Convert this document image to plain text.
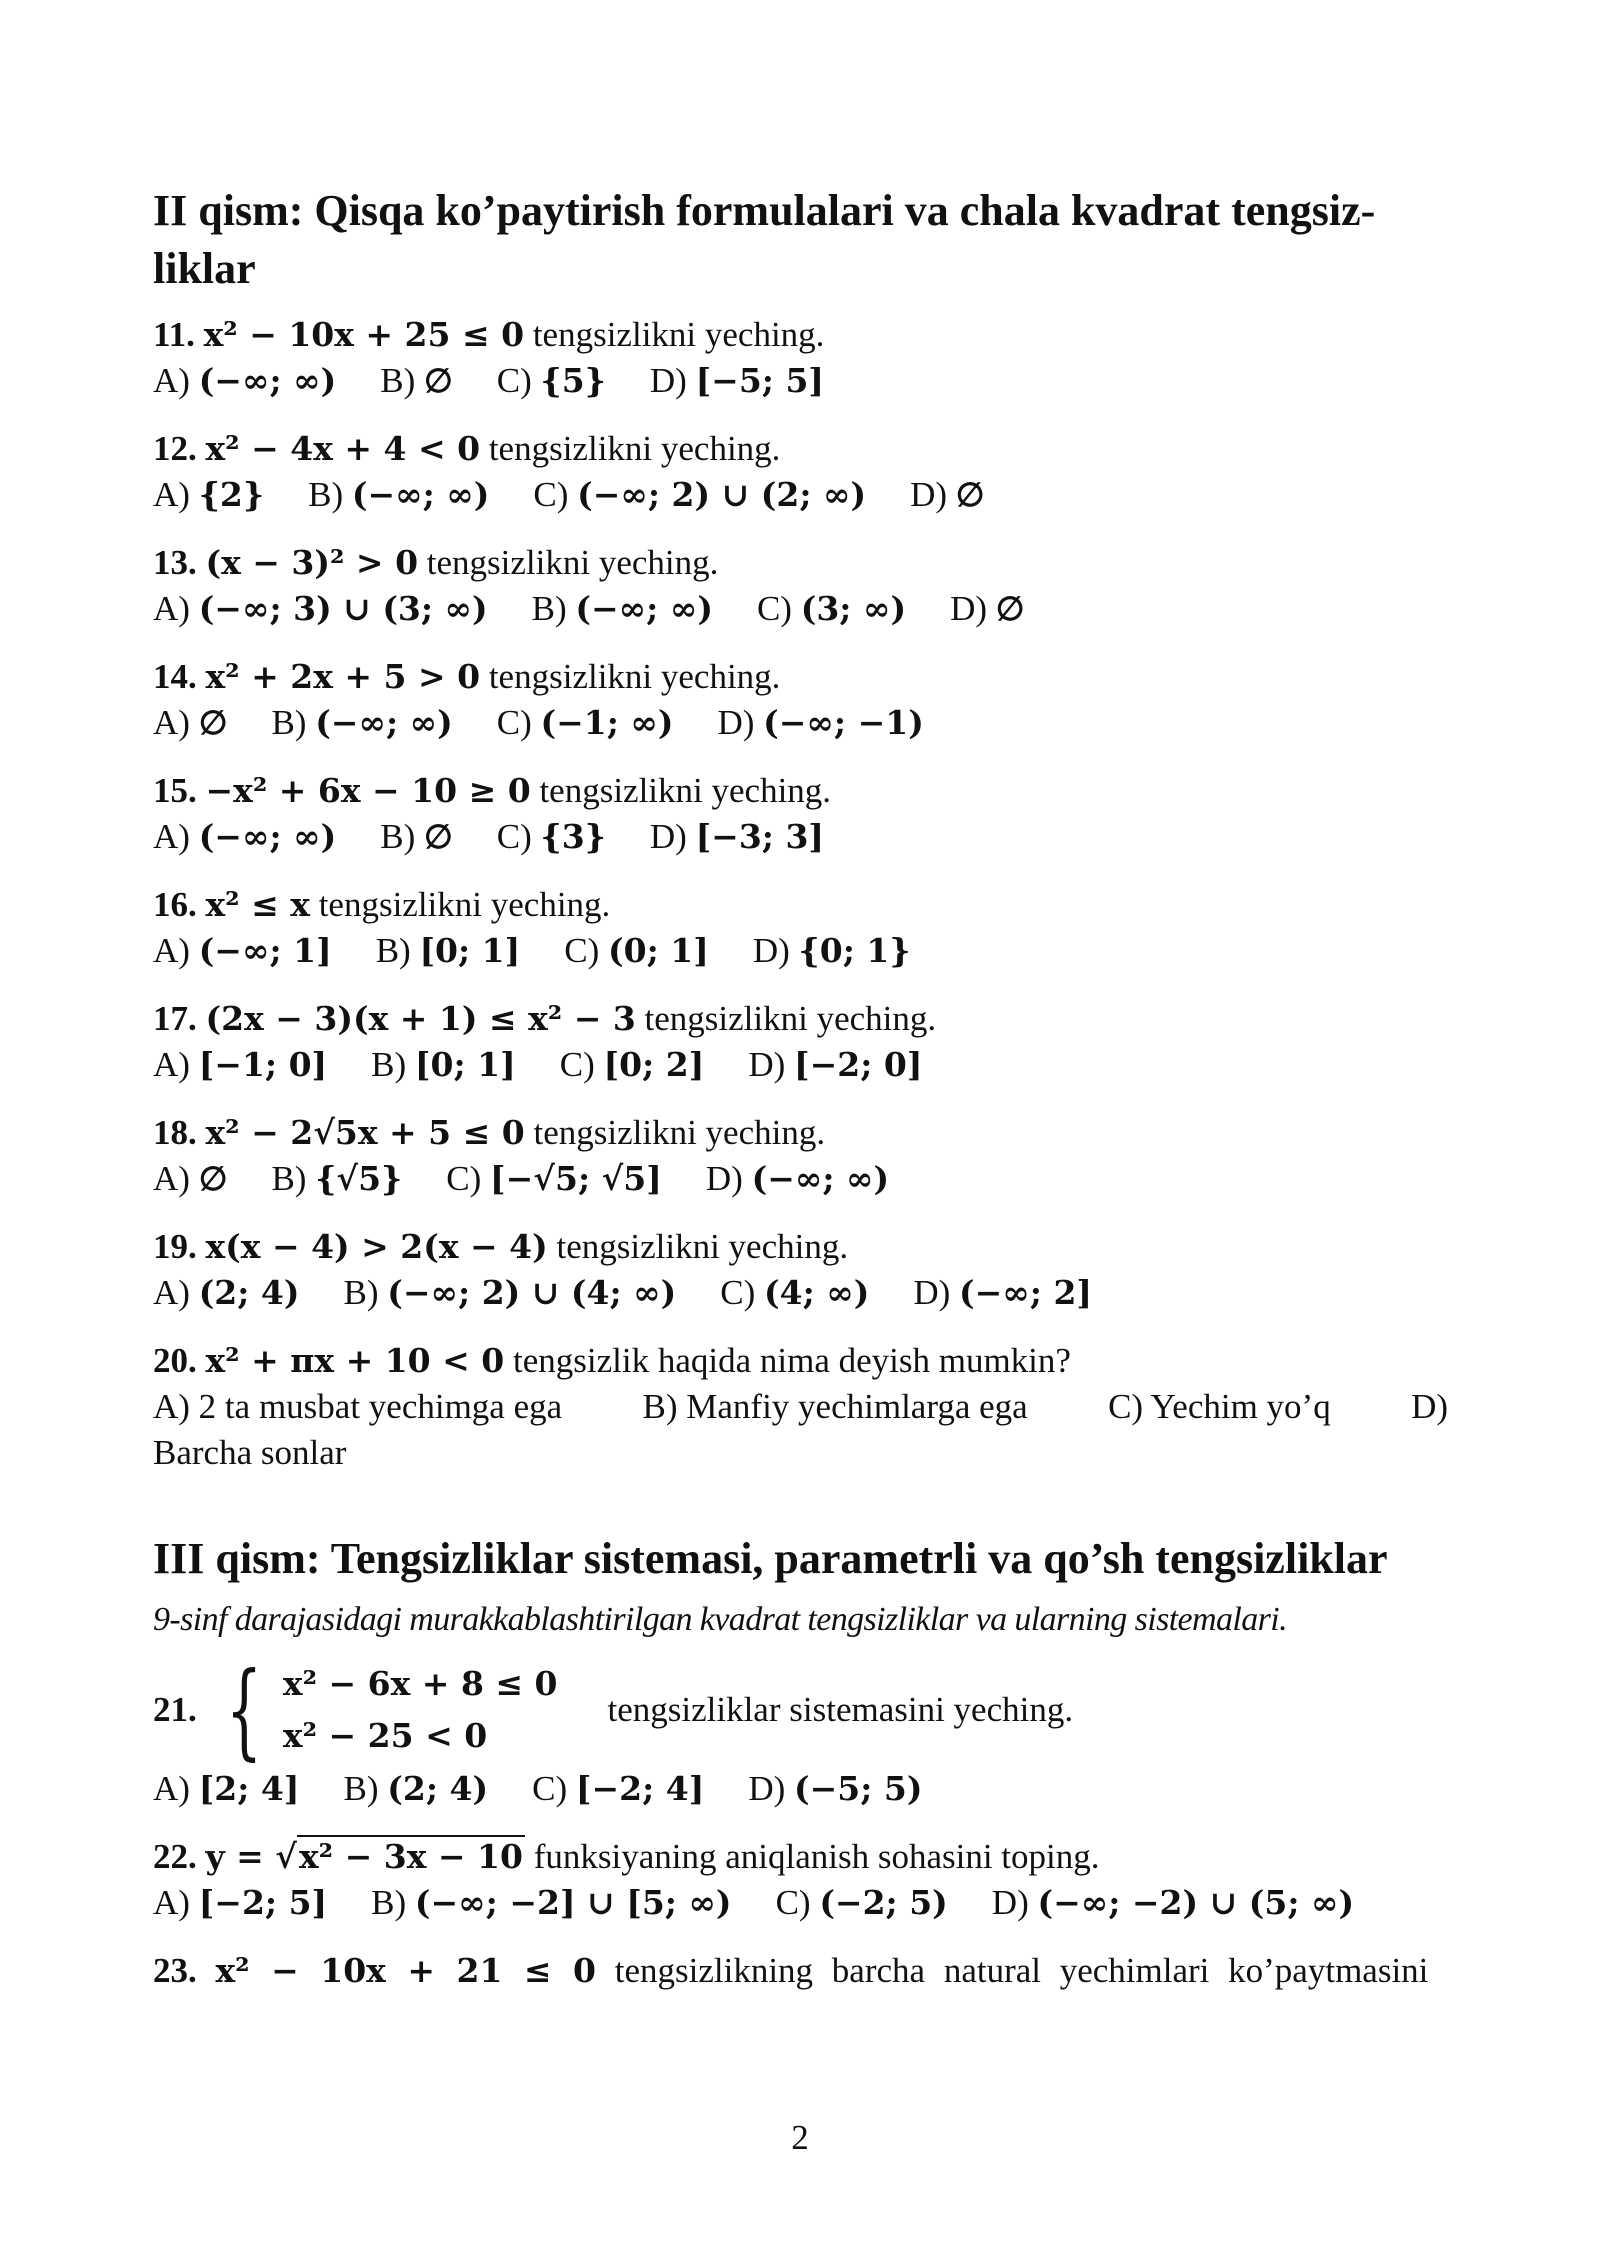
II qism: Qisqa ko’paytirish formulalari va chala kvadrat tengsiz-
liklar
11. x² − 10x + 25 ≤ 0 tengsizlikni yeching.
A) (−∞; ∞) B) ∅ C) {5} D) [−5; 5]
12. x² − 4x + 4 < 0 tengsizlikni yeching.
A) {2} B) (−∞; ∞) C) (−∞; 2) ∪ (2; ∞) D) ∅
13. (x − 3)² > 0 tengsizlikni yeching.
A) (−∞; 3) ∪ (3; ∞) B) (−∞; ∞) C) (3; ∞) D) ∅
14. x² + 2x + 5 > 0 tengsizlikni yeching.
A) ∅ B) (−∞; ∞) C) (−1; ∞) D) (−∞; −1)
15. −x² + 6x − 10 ≥ 0 tengsizlikni yeching.
A) (−∞; ∞) B) ∅ C) {3} D) [−3; 3]
16. x² ≤ x tengsizlikni yeching.
A) (−∞; 1] B) [0; 1] C) (0; 1] D) {0; 1}
17. (2x − 3)(x + 1) ≤ x² − 3 tengsizlikni yeching.
A) [−1; 0] B) [0; 1] C) [0; 2] D) [−2; 0]
18. x² − 2√5x + 5 ≤ 0 tengsizlikni yeching.
A) ∅ B) {√5} C) [−√5; √5] D) (−∞; ∞)
19. x(x − 4) > 2(x − 4) tengsizlikni yeching.
A) (2; 4) B) (−∞; 2) ∪ (4; ∞) C) (4; ∞) D) (−∞; 2]
20. x² + πx + 10 < 0 tengsizlik haqida nima deyish mumkin?
A) 2 ta musbat yechimga ega B) Manfiy yechimlarga ega C) Yechim yo’q D)
Barcha sonlar
III qism: Tengsizliklar sistemasi, parametrli va qo’sh tengsizliklar
9-sinf darajasidagi murakkablashtirilgan kvadrat tengsizliklar va ularning sistemalari.
21. { x² − 6x + 8 ≤ 0
x² − 25 < 0
tengsizliklar sistemasini yeching.
A) [2; 4] B) (2; 4) C) [−2; 4] D) (−5; 5)
22. y = √x² − 3x − 10 funksiyaning aniqlanish sohasini toping.
A) [−2; 5] B) (−∞; −2] ∪ [5; ∞) C) (−2; 5) D) (−∞; −2) ∪ (5; ∞)
23. x² − 10x + 21 ≤ 0 tengsizlikning barcha natural yechimlari ko’paytmasini
2
